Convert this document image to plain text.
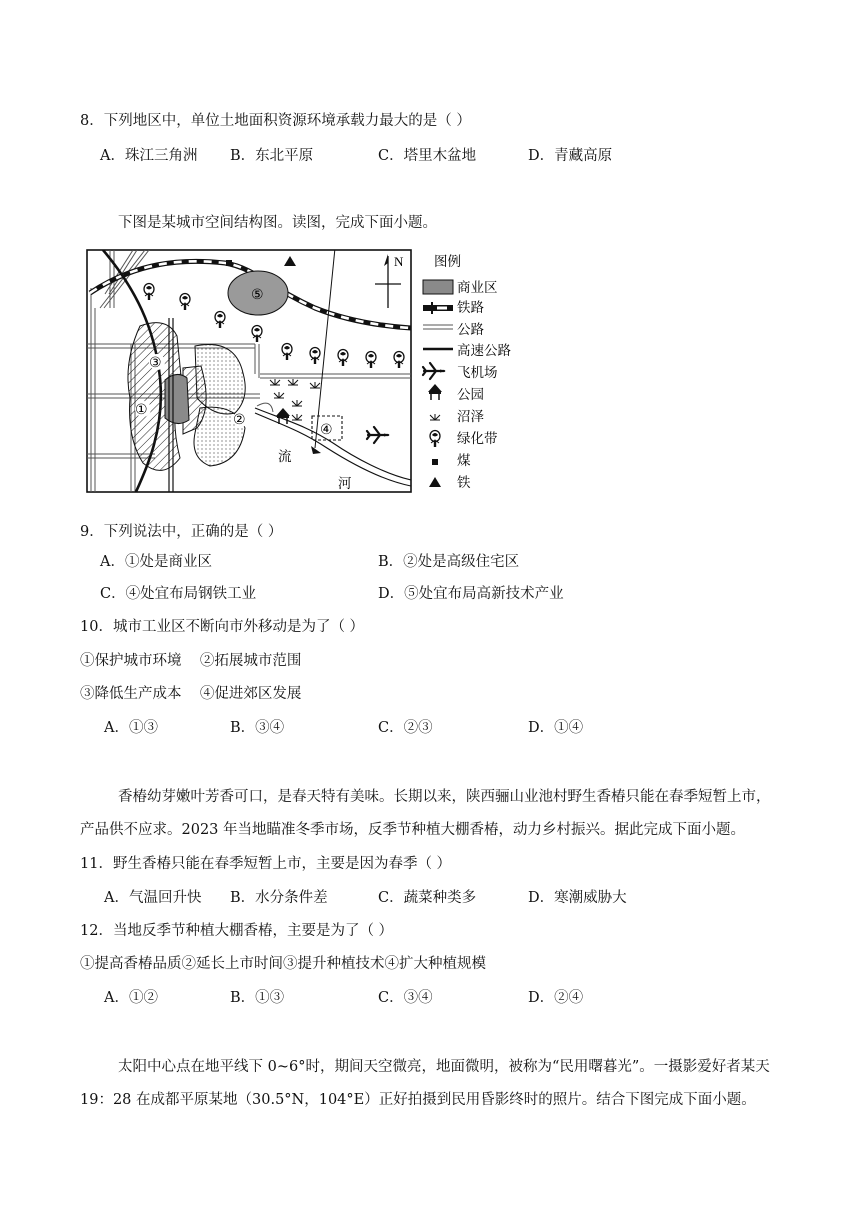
8．下列地区中，单位土地面积资源环境承载力最大的是（ ）
A．珠江三角洲 B．东北平原	C．塔里木盆地	D．青藏高原
下图是某城市空间结构图。读图，完成下面小题。
N
③
①
②
④
⑤
流
河
图例
商业区
铁路
公路
高速公路
飞机场
公园
沼泽
绿化带
煤
铁
9．下列说法中，正确的是（ ）
A．①处是商业区	B．②处是高级住宅区
C．④处宜布局钢铁工业	D．⑤处宜布局高新技术产业
10．城市工业区不断向市外移动是为了（ ）
①保护城市环境    ②拓展城市范围
③降低生产成本    ④促进郊区发展
A．①③	B．③④	C．②③	D．①④
香椿幼芽嫩叶芳香可口，是春天特有美味。长期以来，陕西骊山业池村野生香椿只能在春季短暂上市，
产品供不应求。2023 年当地瞄准冬季市场，反季节种植大棚香椿，动力乡村振兴。据此完成下面小题。
11．野生香椿只能在春季短暂上市，主要是因为春季（ ）
A．气温回升快 B．水分条件差	C．蔬菜种类多	D．寒潮威胁大
12．当地反季节种植大棚香椿，主要是为了（ ）
①提高香椿品质②延长上市时间③提升种植技术④扩大种植规模
A．①②	B．①③	C．③④	D．②④
太阳中心点在地平线下 0~6°时，期间天空微亮，地面微明，被称为“民用曙暮光”。一摄影爱好者某天
19：28 在成都平原某地（30.5°N，104°E）正好拍摄到民用昏影终时的照片。结合下图完成下面小题。
